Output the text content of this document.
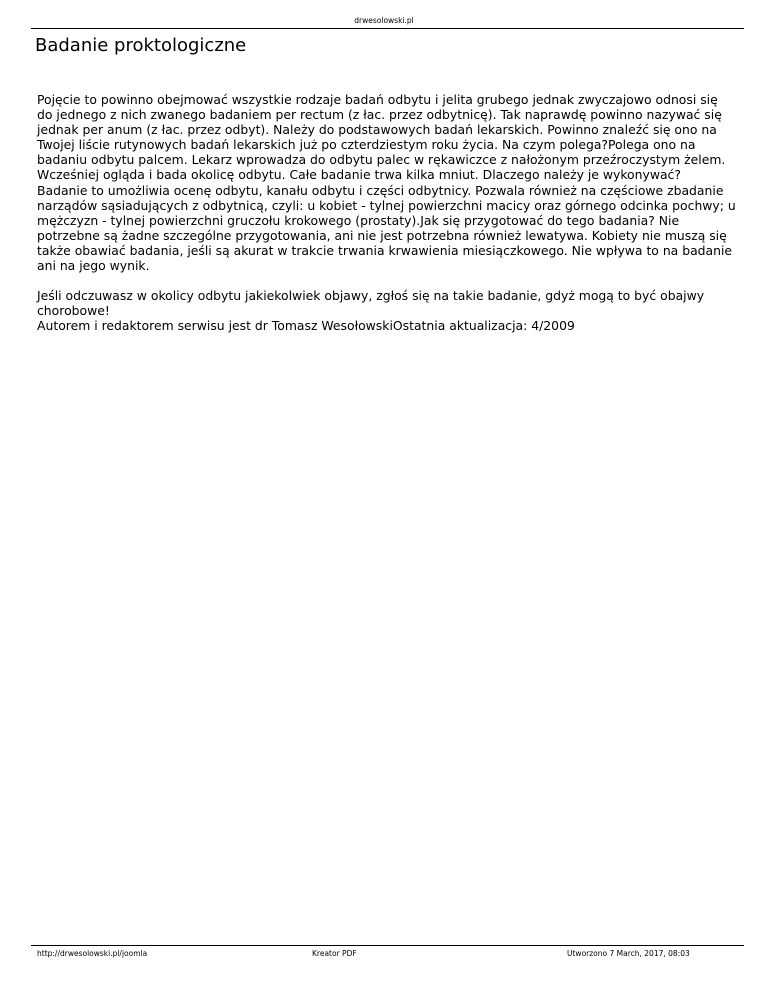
drwesolowski.pl
Badanie proktologiczne

Pojęcie to powinno obejmować wszystkie rodzaje badań odbytu i jelita grubego jednak zwyczajowo odnosi się do jednego z nich zwanego badaniem per rectum (z łac. przez odbytnicę). Tak naprawdę powinno nazywać się jednak per anum (z łac. przez odbyt). Należy do podstawowych badań lekarskich. Powinno znaleźć się ono na Twojej liście rutynowych badań lekarskich już po czterdziestym roku życia. Na czym polega?Polega ono na badaniu odbytu palcem. Lekarz wprowadza do odbytu palec w rękawiczce z nałożonym przeźroczystym żelem. Wcześniej ogląda i bada okolicę odbytu. Całe badanie trwa kilka mniut. Dlaczego należy je wykonywać?

Badanie to umożliwia ocenę odbytu, kanału odbytu i części odbytnicy. Pozwala również na częściowe zbadanie narządów sąsiadujących z odbytnicą, czyli: u kobiet - tylnej powierzchni macicy oraz górnego odcinka pochwy; u mężczyzn - tylnej powierzchni gruczołu krokowego (prostaty).Jak się przygotować do tego badania? Nie potrzebne są żadne szczególne przygotowania, ani nie jest potrzebna również lewatywa. Kobiety nie muszą się także obawiać badania, jeśli są akurat w trakcie trwania krwawienia miesiączkowego. Nie wpływa to na badanie ani na jego wynik.

Jeśli odczuwasz w okolicy odbytu jakiekolwiek objawy, zgłoś się na takie badanie, gdyż mogą to być obajwy chorobowe!

Autorem i redaktorem serwisu jest dr Tomasz WesołowskiOstatnia aktualizacja: 4/2009

http://drwesolowski.pl/joomla	Kreator PDF	Utworzono 7 March, 2017, 08:03
